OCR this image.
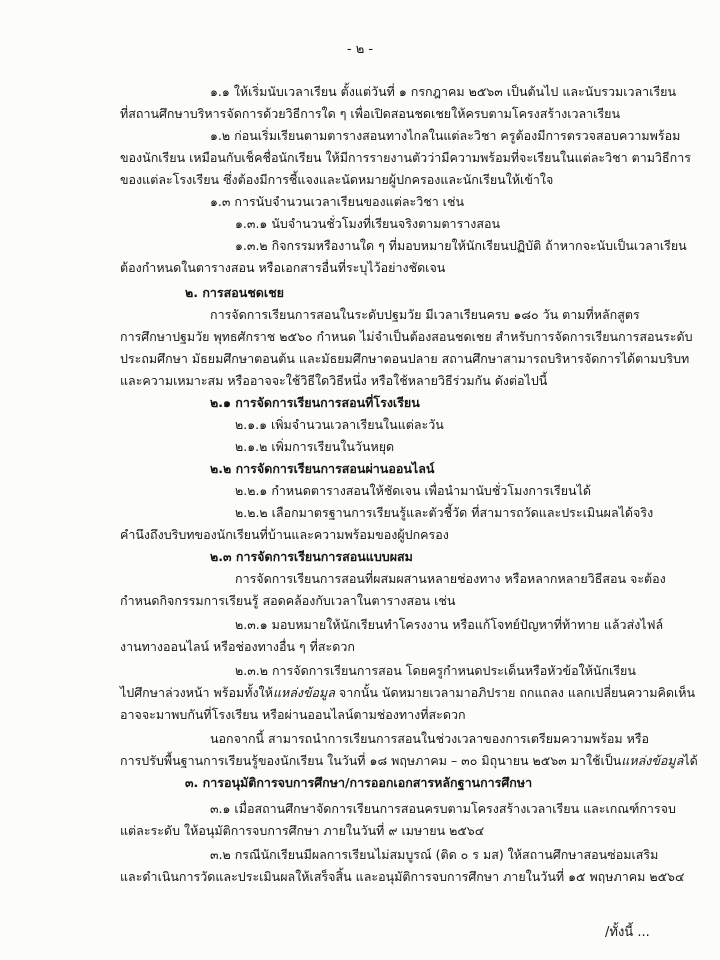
- ๒ -
๑.๑ ให้เริ่มนับเวลาเรียน ตั้งแต่วันที่ ๑ กรกฎาคม ๒๕๖๓ เป็นต้นไป และนับรวมเวลาเรียน
ที่สถานศึกษาบริหารจัดการด้วยวิธีการใด ๆ เพื่อเปิดสอนชดเชยให้ครบตามโครงสร้างเวลาเรียน
๑.๒ ก่อนเริ่มเรียนตามตารางสอนทางไกลในแต่ละวิชา ครูต้องมีการตรวจสอบความพร้อม
ของนักเรียน เหมือนกับเช็คชื่อนักเรียน ให้มีการรายงานตัวว่ามีความพร้อมที่จะเรียนในแต่ละวิชา ตามวิธีการ
ของแต่ละโรงเรียน ซึ่งต้องมีการชี้แจงและนัดหมายผู้ปกครองและนักเรียนให้เข้าใจ
๑.๓ การนับจำนวนเวลาเรียนของแต่ละวิชา เช่น
๑.๓.๑ นับจำนวนชั่วโมงที่เรียนจริงตามตารางสอน
๑.๓.๒ กิจกรรมหรืองานใด ๆ ที่มอบหมายให้นักเรียนปฏิบัติ ถ้าหากจะนับเป็นเวลาเรียน
ต้องกำหนดในตารางสอน หรือเอกสารอื่นที่ระบุไว้อย่างชัดเจน
๒. การสอนชดเชย
การจัดการเรียนการสอนในระดับปฐมวัย มีเวลาเรียนครบ ๑๘๐ วัน ตามที่หลักสูตร
การศึกษาปฐมวัย พุทธศักราช ๒๕๖๐ กำหนด ไม่จำเป็นต้องสอนชดเชย สำหรับการจัดการเรียนการสอนระดับ
ประถมศึกษา มัธยมศึกษาตอนต้น และมัธยมศึกษาตอนปลาย สถานศึกษาสามารถบริหารจัดการได้ตามบริบท
และความเหมาะสม หรืออาจจะใช้วิธีใดวิธีหนึ่ง หรือใช้หลายวิธีร่วมกัน ดังต่อไปนี้
๒.๑ การจัดการเรียนการสอนที่โรงเรียน
๒.๑.๑ เพิ่มจำนวนเวลาเรียนในแต่ละวัน
๒.๑.๒ เพิ่มการเรียนในวันหยุด
๒.๒ การจัดการเรียนการสอนผ่านออนไลน์
๒.๒.๑ กำหนดตารางสอนให้ชัดเจน เพื่อนำมานับชั่วโมงการเรียนได้
๒.๒.๒ เลือกมาตรฐานการเรียนรู้และตัวชี้วัด ที่สามารถวัดและประเมินผลได้จริง
คำนึงถึงบริบทของนักเรียนที่บ้านและความพร้อมของผู้ปกครอง
๒.๓ การจัดการเรียนการสอนแบบผสม
การจัดการเรียนการสอนที่ผสมผสานหลายช่องทาง หรือหลากหลายวิธีสอน จะต้อง
กำหนดกิจกรรมการเรียนรู้ สอดคล้องกับเวลาในตารางสอน เช่น
๒.๓.๑ มอบหมายให้นักเรียนทำโครงงาน หรือแก้โจทย์ปัญหาที่ท้าทาย แล้วส่งไฟล์
งานทางออนไลน์ หรือช่องทางอื่น ๆ ที่สะดวก
๒.๓.๒ การจัดการเรียนการสอน โดยครูกำหนดประเด็นหรือหัวข้อให้นักเรียน
ไปศึกษาล่วงหน้า พร้อมทั้งให้แหล่งข้อมูล จากนั้น นัดหมายเวลามาอภิปราย ถกแถลง แลกเปลี่ยนความคิดเห็น
อาจจะมาพบกันที่โรงเรียน หรือผ่านออนไลน์ตามช่องทางที่สะดวก
นอกจากนี้ สามารถนำการเรียนการสอนในช่วงเวลาของการเตรียมความพร้อม หรือ
การปรับพื้นฐานการเรียนรู้ของนักเรียน ในวันที่ ๑๘ พฤษภาคม – ๓๐ มิถุนายน ๒๕๖๓ มาใช้เป็นแหล่งข้อมูลได้
๓. การอนุมัติการจบการศึกษา/การออกเอกสารหลักฐานการศึกษา
๓.๑ เมื่อสถานศึกษาจัดการเรียนการสอนครบตามโครงสร้างเวลาเรียน และเกณฑ์การจบ
แต่ละระดับ ให้อนุมัติการจบการศึกษา ภายในวันที่ ๙ เมษายน ๒๕๖๔
๓.๒ กรณีนักเรียนมีผลการเรียนไม่สมบูรณ์ (ติด ๐ ร มส) ให้สถานศึกษาสอนซ่อมเสริม
และดำเนินการวัดและประเมินผลให้เสร็จสิ้น และอนุมัติการจบการศึกษา ภายในวันที่ ๑๕ พฤษภาคม ๒๕๖๔
/ทั้งนี้ ...
